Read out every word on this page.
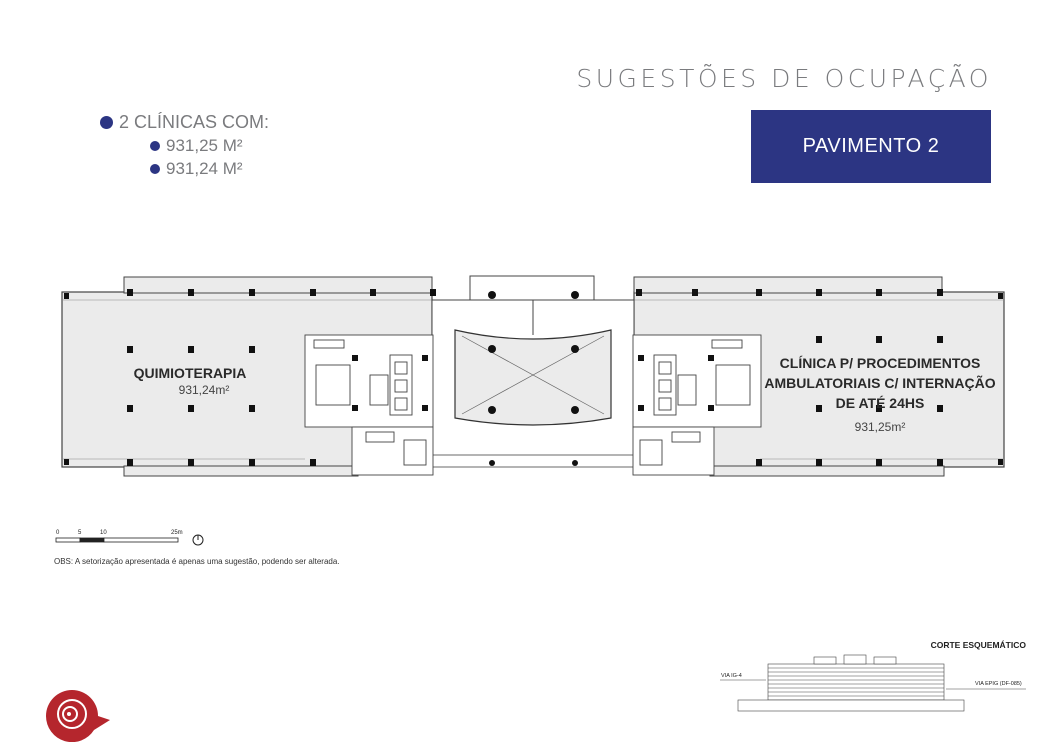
SUGESTÕES DE OCUPAÇÃO
PAVIMENTO 2
2 CLÍNICAS COM:
931,25 M²
931,24 M²
QUIMIOTERAPIA
931,24m²
CLÍNICA P/ PROCEDIMENTOS
AMBULATORIAIS C/ INTERNAÇÃO
DE ATÉ 24HS
931,25m²
0	5	10	25m
VIA IG-4
VIA EPIG (DF-085)
OBS: A setorização apresentada é apenas uma sugestão, podendo ser alterada.
CORTE ESQUEMÁTICO
